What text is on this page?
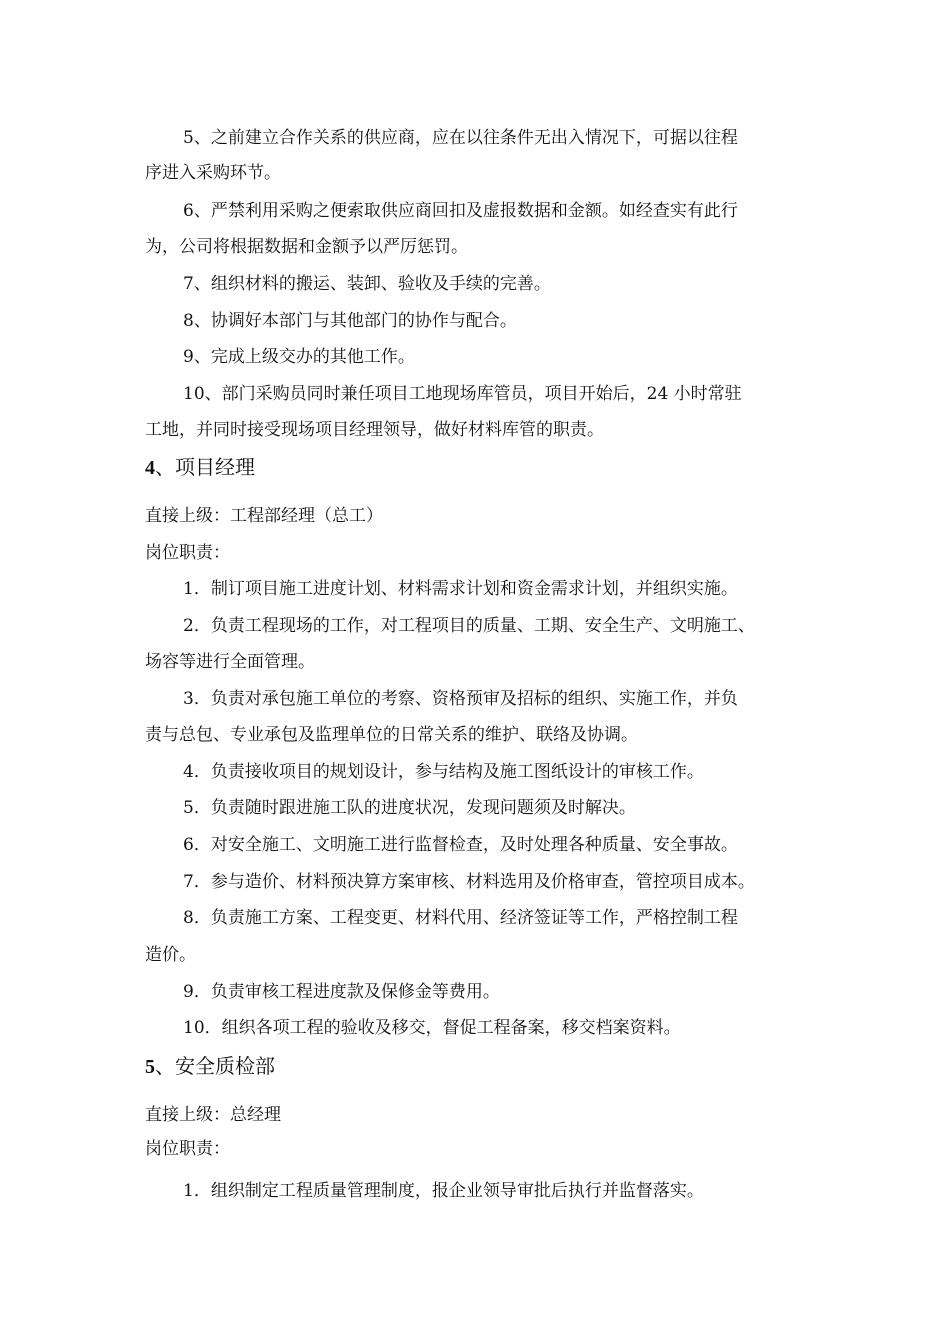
5、之前建立合作关系的供应商，应在以往条件无出入情况下，可据以往程
序进入采购环节。
6、严禁利用采购之便索取供应商回扣及虚报数据和金额。如经查实有此行
为，公司将根据数据和金额予以严厉惩罚。
7、组织材料的搬运、装卸、验收及手续的完善。
8、协调好本部门与其他部门的协作与配合。
9、完成上级交办的其他工作。
10、部门采购员同时兼任项目工地现场库管员，项目开始后，24 小时常驻
工地，并同时接受现场项目经理领导，做好材料库管的职责。
4、项目经理
直接上级：工程部经理（总工）
岗位职责：
1．制订项目施工进度计划、材料需求计划和资金需求计划，并组织实施。
2．负责工程现场的工作，对工程项目的质量、工期、安全生产、文明施工、
场容等进行全面管理。
3．负责对承包施工单位的考察、资格预审及招标的组织、实施工作，并负
责与总包、专业承包及监理单位的日常关系的维护、联络及协调。
4．负责接收项目的规划设计，参与结构及施工图纸设计的审核工作。
5．负责随时跟进施工队的进度状况，发现问题须及时解决。
6．对安全施工、文明施工进行监督检查，及时处理各种质量、安全事故。
7．参与造价、材料预决算方案审核、材料选用及价格审查，管控项目成本。
8．负责施工方案、工程变更、材料代用、经济签证等工作，严格控制工程
造价。
9．负责审核工程进度款及保修金等费用。
10．组织各项工程的验收及移交，督促工程备案，移交档案资料。
5、安全质检部
直接上级：总经理
岗位职责：
1．组织制定工程质量管理制度，报企业领导审批后执行并监督落实。
